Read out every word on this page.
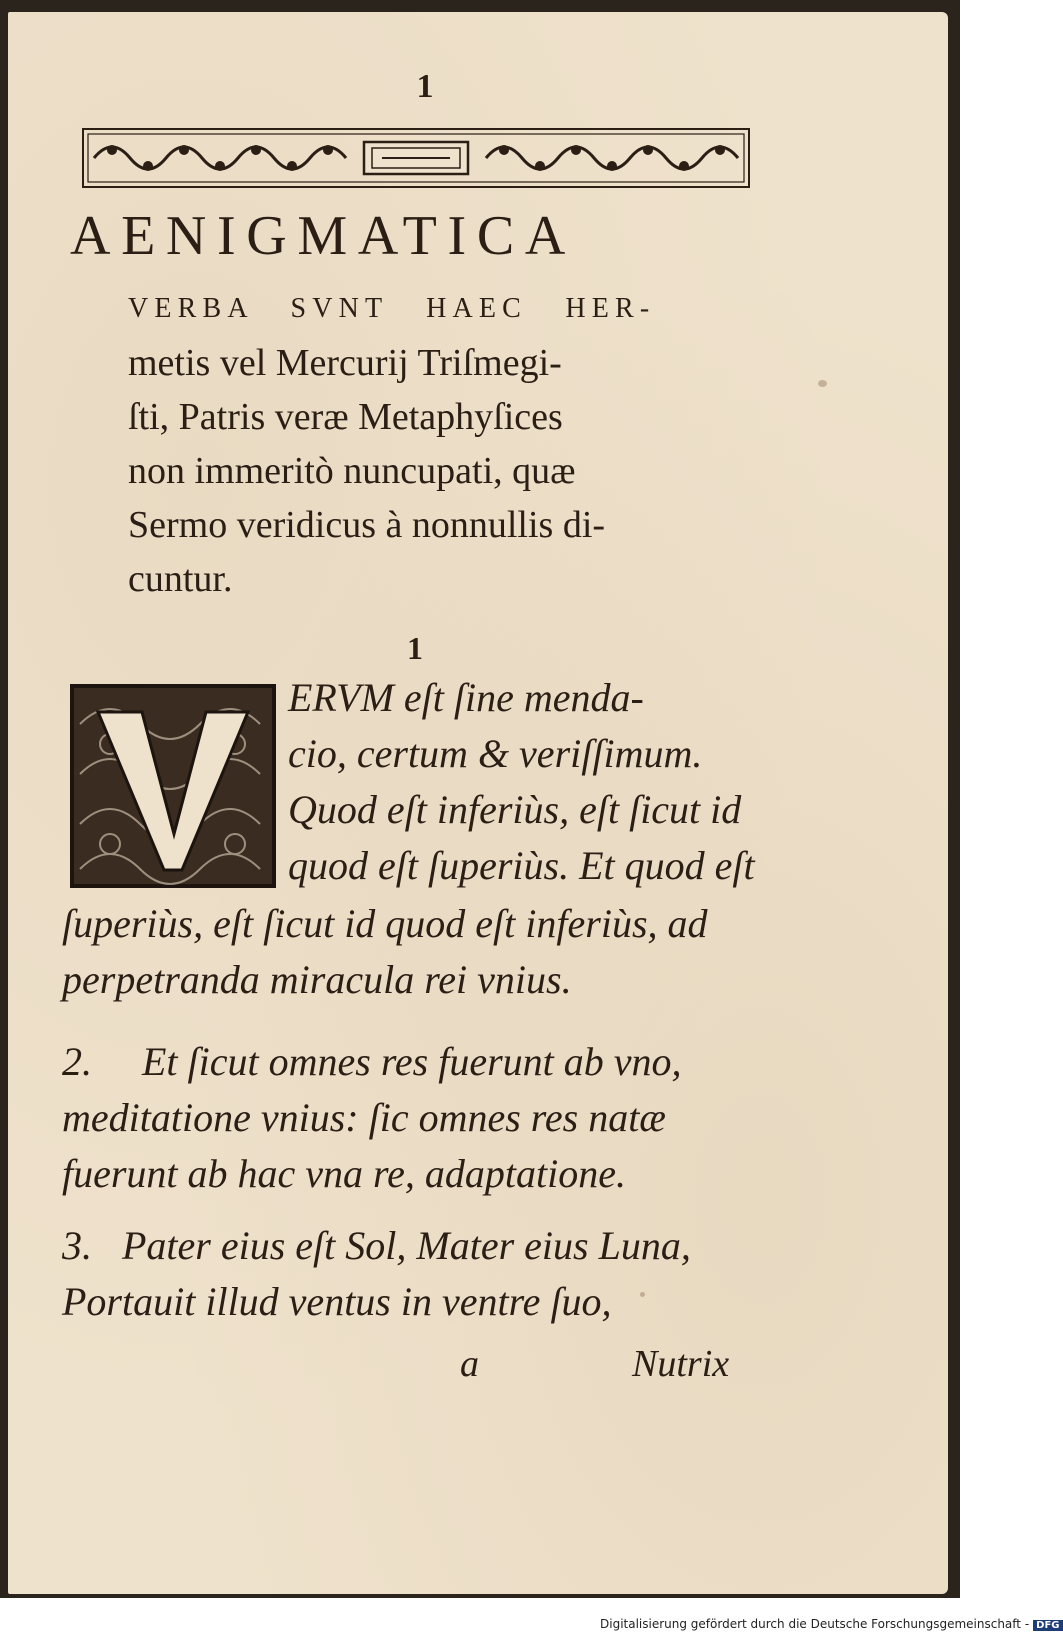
1
AENIGMATICA
VERBA SVNT HAEC HER-
metis vel Mercurij Triſmegi-
ſti, Patris veræ Metaphyſices
non immeritò nuncupati, quæ
Sermo veridicus à nonnullis di-
cuntur.
1
V
ERVM eſt ſine menda-
cio, certum & veriſſimum.
Quod eſt inferiùs, eſt ſicut id
quod eſt ſuperiùs. Et quod eſt
ſuperiùs, eſt ſicut id quod eſt inferiùs, ad
perpetranda miracula rei vnius.
2.     Et ſicut omnes res fuerunt ab vno,
meditatione vnius: ſic omnes res natæ
fuerunt ab hac vna re, adaptatione.
3.   Pater eius eſt Sol, Mater eius Luna,
Portauit illud ventus in ventre ſuo,
a	Nutrix
Digitalisierung gefördert durch die Deutsche Forschungsgemeinschaft - DFG
